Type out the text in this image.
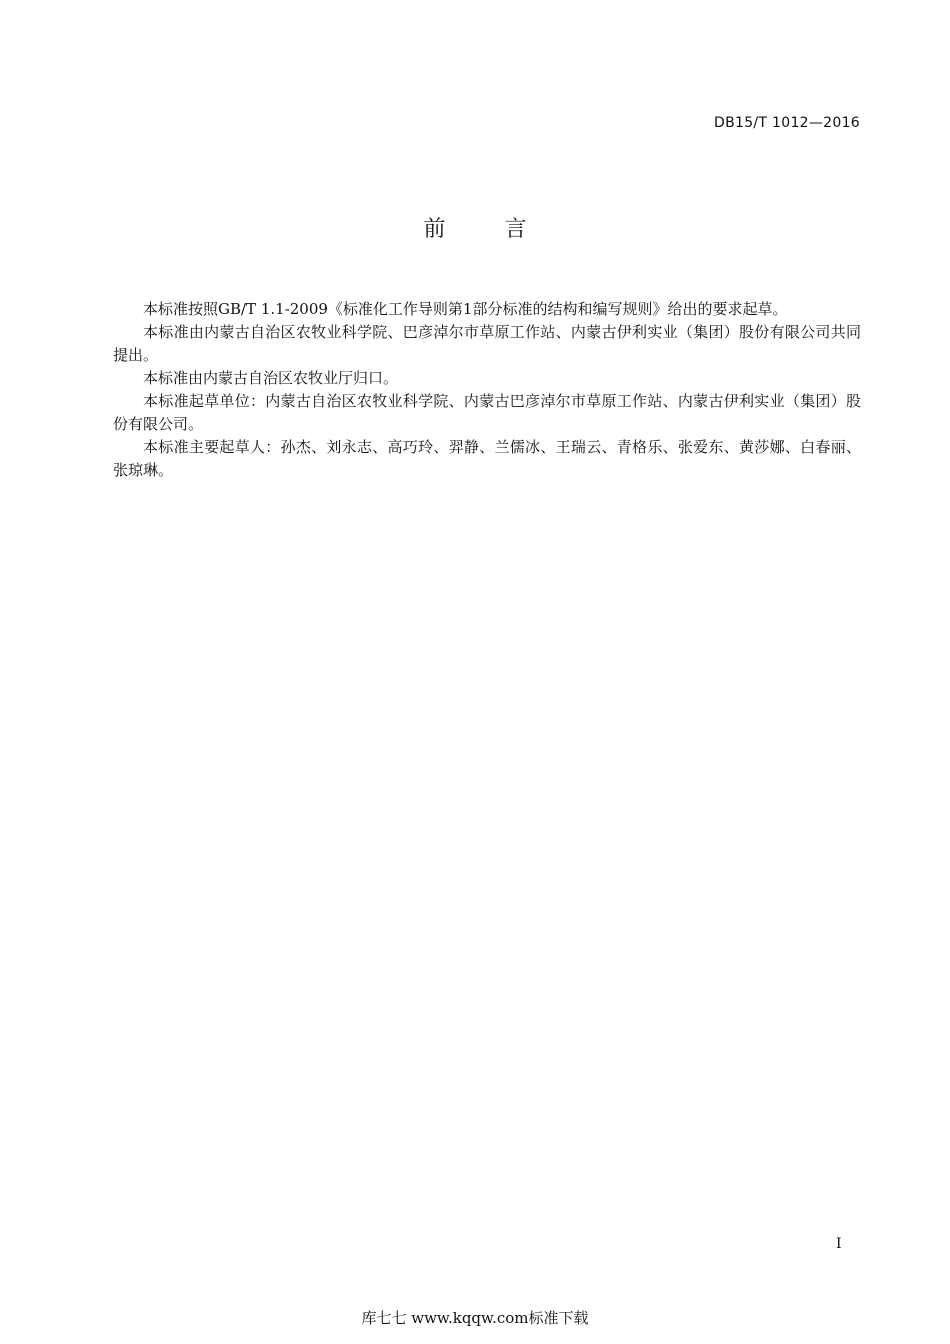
DB15/T 1012—2016
前 言

本标准按照GB/T 1.1-2009《标准化工作导则第1部分标准的结构和编写规则》给出的要求起草。

本标准由内蒙古自治区农牧业科学院、巴彦淖尔市草原工作站、内蒙古伊利实业（集团）股份有限公司共同提出。

本标准由内蒙古自治区农牧业厅归口。

本标准起草单位：内蒙古自治区农牧业科学院、内蒙古巴彦淖尔市草原工作站、内蒙古伊利实业（集团）股份有限公司。

本标准主要起草人：孙杰、刘永志、高巧玲、羿静、兰儒冰、王瑞云、青格乐、张爱东、黄莎娜、白春丽、张琼琳。

I
库七七 www.kqqw.com标准下载
